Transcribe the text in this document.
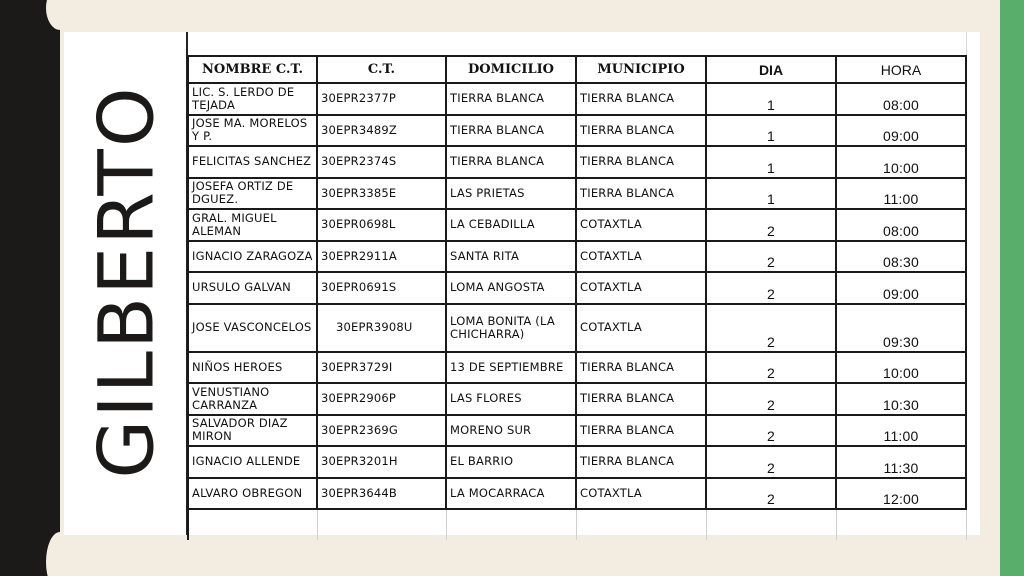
GILBERTO
NOMBRE C.T.	C.T.	DOMICILIO	MUNICIPIO	DIA	HORA
LIC. S. LERDO DE TEJADA	30EPR2377P	TIERRA BLANCA	TIERRA BLANCA	1	08:00
JOSE MA. MORELOS Y P.	30EPR3489Z	TIERRA BLANCA	TIERRA BLANCA	1	09:00
FELICITAS SANCHEZ	30EPR2374S	TIERRA BLANCA	TIERRA BLANCA	1	10:00
JOSEFA ORTIZ DE DGUEZ.	30EPR3385E	LAS PRIETAS	TIERRA BLANCA	1	11:00
GRAL. MIGUEL ALEMAN	30EPR0698L	LA CEBADILLA	COTAXTLA	2	08:00
IGNACIO ZARAGOZA	30EPR2911A	SANTA RITA	COTAXTLA	2	08:30
URSULO GALVAN	30EPR0691S	LOMA ANGOSTA	COTAXTLA	2	09:00
JOSE VASCONCELOS	30EPR3908U	LOMA BONITA (LA CHICHARRA)	COTAXTLA	2	09:30
NIÑOS HEROES	30EPR3729I	13 DE SEPTIEMBRE	TIERRA BLANCA	2	10:00
VENUSTIANO CARRANZA	30EPR2906P	LAS FLORES	TIERRA BLANCA	2	10:30
SALVADOR DIAZ MIRON	30EPR2369G	MORENO SUR	TIERRA BLANCA	2	11:00
IGNACIO ALLENDE	30EPR3201H	EL BARRIO	TIERRA BLANCA	2	11:30
ALVARO OBREGON	30EPR3644B	LA MOCARRACA	COTAXTLA	2	12:00
